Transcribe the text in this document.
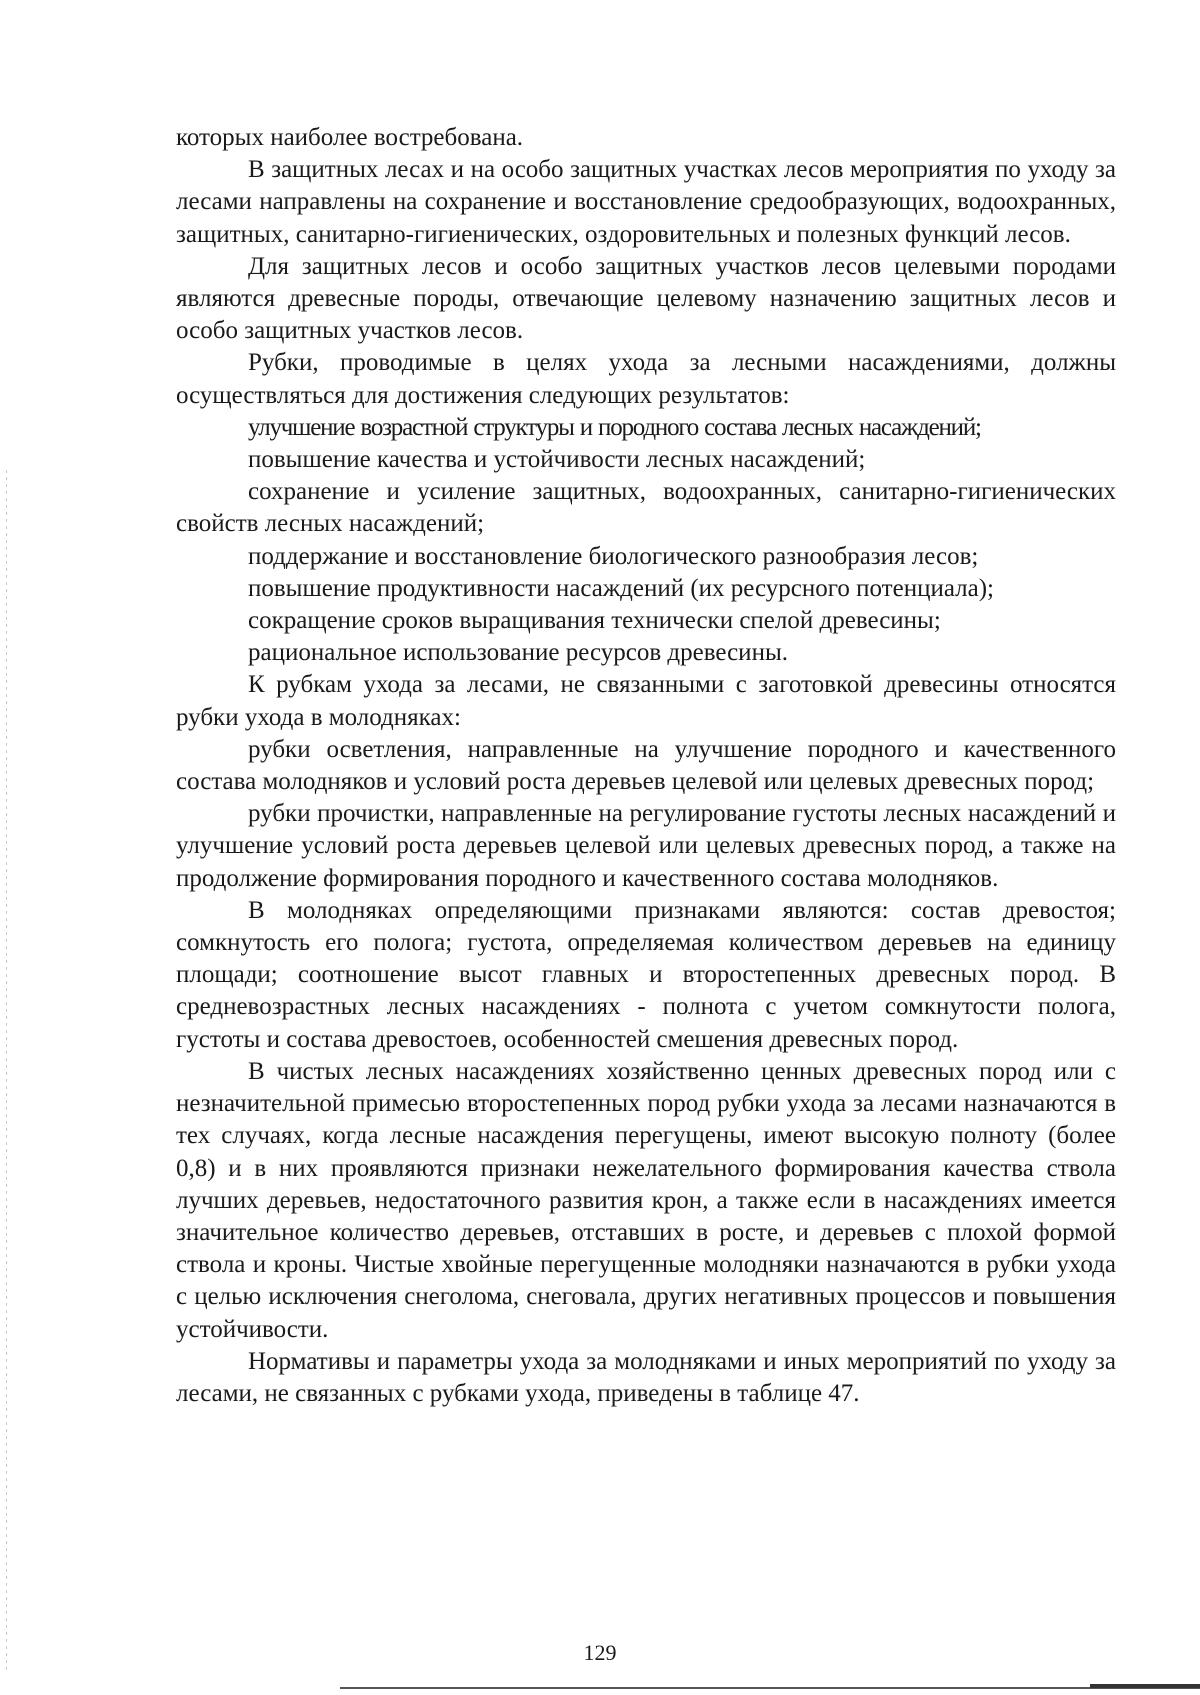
которых наиболее востребована.

В защитных лесах и на особо защитных участках лесов мероприятия по уходу за лесами направлены на сохранение и восстановление средообразующих, водоохранных, защитных, санитарно-гигиенических, оздоровительных и полезных функций лесов.

Для защитных лесов и особо защитных участков лесов целевыми породами являются древесные породы, отвечающие целевому назначению защитных лесов и особо защитных участков лесов.

Рубки, проводимые в целях ухода за лесными насаждениями, должны осуществляться для достижения следующих результатов:

улучшение возрастной структуры и породного состава лесных насаждений;

повышение качества и устойчивости лесных насаждений;

сохранение и усиление защитных, водоохранных, санитарно-гигиенических свойств лесных насаждений;

поддержание и восстановление биологического разнообразия лесов;

повышение продуктивности насаждений (их ресурсного потенциала);

сокращение сроков выращивания технически спелой древесины;

рациональное использование ресурсов древесины.

К рубкам ухода за лесами, не связанными с заготовкой древесины относятся рубки ухода в молодняках:

рубки осветления, направленные на улучшение породного и качественного состава молодняков и условий роста деревьев целевой или целевых древесных пород;

рубки прочистки, направленные на регулирование густоты лесных насаждений и улучшение условий роста деревьев целевой или целевых древесных пород, а также на продолжение формирования породного и качественного состава молодняков.

В молодняках определяющими признаками являются: состав древостоя; сомкнутость его полога; густота, определяемая количеством деревьев на единицу площади; соотношение высот главных и второстепенных древесных пород. В средневозрастных лесных насаждениях - полнота с учетом сомкнутости полога, густоты и состава древостоев, особенностей смешения древесных пород.

В чистых лесных насаждениях хозяйственно ценных древесных пород или с незначительной примесью второстепенных пород рубки ухода за лесами назначаются в тех случаях, когда лесные насаждения перегущены, имеют высокую полноту (более 0,8) и в них проявляются признаки нежелательного формирования качества ствола лучших деревьев, недостаточного развития крон, а также если в насаждениях имеется значительное количество деревьев, отставших в росте, и деревьев с плохой формой ствола и кроны. Чистые хвойные перегущенные молодняки назначаются в рубки ухода с целью исключения снеголома, снеговала, других негативных процессов и повышения устойчивости.

Нормативы и параметры ухода за молодняками и иных мероприятий по уходу за лесами, не связанных с рубками ухода, приведены в таблице 47.

129
